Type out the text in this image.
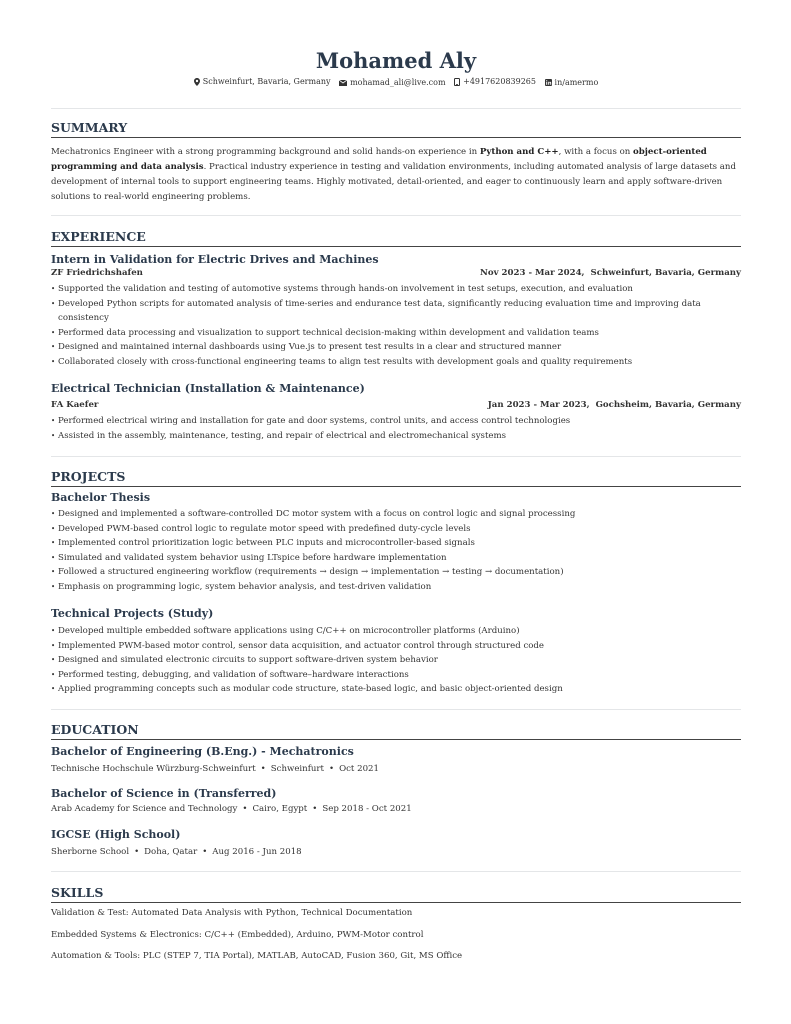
Mohamed Aly
Schweinfurt, Bavaria, Germany
mohamad_ali@live.com
+4917620839265
in/amermo
SUMMARY
Mechatronics Engineer with a strong programming background and solid hands-on experience in Python and C++, with a focus on object-oriented programming and data analysis. Practical industry experience in testing and validation environments, including automated analysis of large datasets and development of internal tools to support engineering teams. Highly motivated, detail-oriented, and eager to continuously learn and apply software-driven solutions to real-world engineering problems.
EXPERIENCE
Intern in Validation for Electric Drives and Machines
ZF Friedrichshafen	Nov 2023 - Mar 2024, Schweinfurt, Bavaria, Germany
• Supported the validation and testing of automotive systems through hands-on involvement in test setups, execution, and evaluation
• Developed Python scripts for automated analysis of time-series and endurance test data, significantly reducing evaluation time and improving data consistency
• Performed data processing and visualization to support technical decision-making within development and validation teams
• Designed and maintained internal dashboards using Vue.js to present test results in a clear and structured manner
• Collaborated closely with cross-functional engineering teams to align test results with development goals and quality requirements
Electrical Technician (Installation & Maintenance)
FA Kaefer	Jan 2023 - Mar 2023, Gochsheim, Bavaria, Germany
• Performed electrical wiring and installation for gate and door systems, control units, and access control technologies
• Assisted in the assembly, maintenance, testing, and repair of electrical and electromechanical systems
PROJECTS
Bachelor Thesis
• Designed and implemented a software-controlled DC motor system with a focus on control logic and signal processing
• Developed PWM-based control logic to regulate motor speed with predefined duty-cycle levels
• Implemented control prioritization logic between PLC inputs and microcontroller-based signals
• Simulated and validated system behavior using LTspice before hardware implementation
• Followed a structured engineering workflow (requirements → design → implementation → testing → documentation)
• Emphasis on programming logic, system behavior analysis, and test-driven validation
Technical Projects (Study)
• Developed multiple embedded software applications using C/C++ on microcontroller platforms (Arduino)
• Implemented PWM-based motor control, sensor data acquisition, and actuator control through structured code
• Designed and simulated electronic circuits to support software-driven system behavior
• Performed testing, debugging, and validation of software–hardware interactions
• Applied programming concepts such as modular code structure, state-based logic, and basic object-oriented design
EDUCATION
Bachelor of Engineering (B.Eng.) - Mechatronics
Technische Hochschule Würzburg-Schweinfurt • Schweinfurt • Oct 2021
Bachelor of Science in (Transferred)
Arab Academy for Science and Technology • Cairo, Egypt • Sep 2018 - Oct 2021
IGCSE (High School)
Sherborne School • Doha, Qatar • Aug 2016 - Jun 2018
SKILLS
Validation & Test: Automated Data Analysis with Python, Technical Documentation
Embedded Systems & Electronics: C/C++ (Embedded), Arduino, PWM-Motor control
Automation & Tools: PLC (STEP 7, TIA Portal), MATLAB, AutoCAD, Fusion 360, Git, MS Office
